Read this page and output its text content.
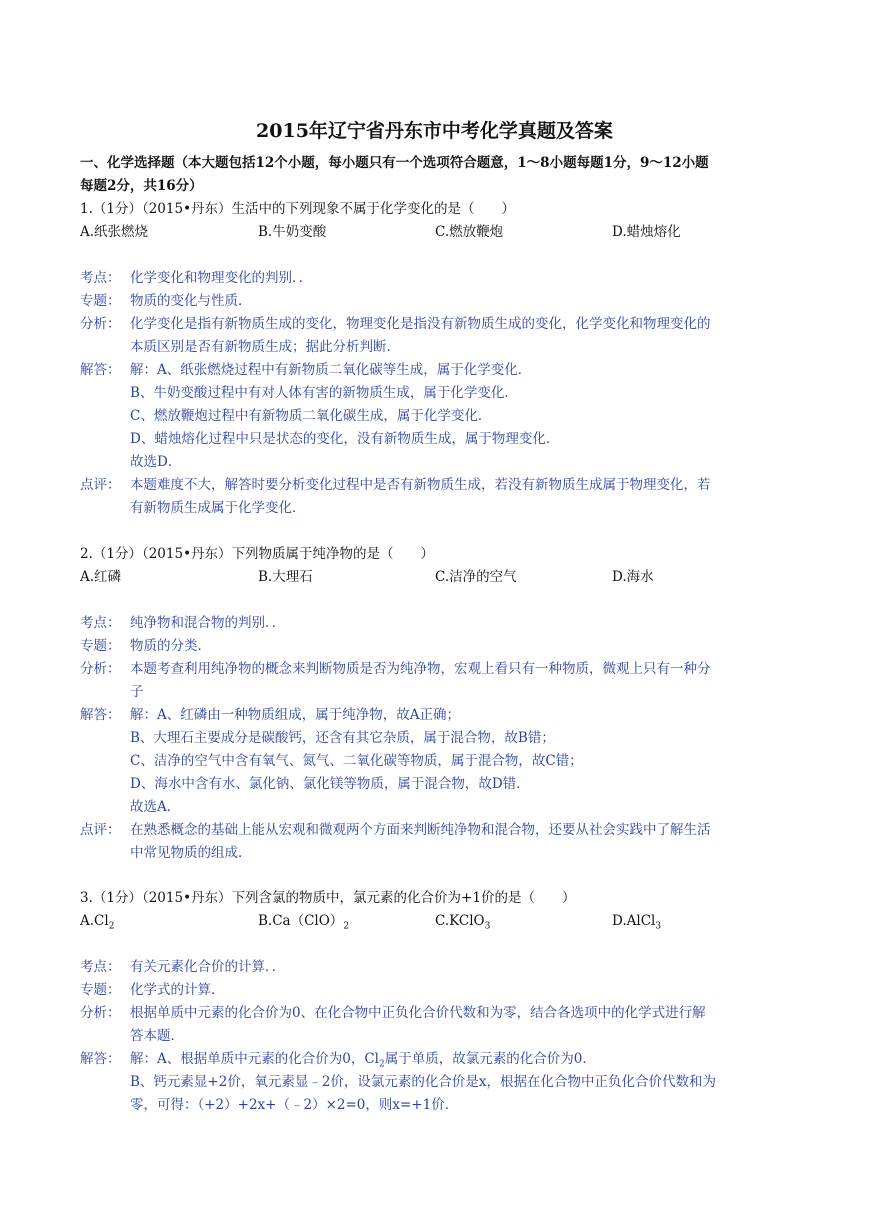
2015年辽宁省丹东市中考化学真题及答案
一、化学选择题（本大题包括12个小题，每小题只有一个选项符合题意，1～8小题每题1分，9～12小题
每题2分，共16分）
1.（1分）（2015•丹东）生活中的下列现象不属于化学变化的是（　　）
A.纸张燃烧	B.牛奶变酸	C.燃放鞭炮	D.蜡烛熔化
考点： 化学变化和物理变化的判别．．
专题： 物质的变化与性质．
分析： 化学变化是指有新物质生成的变化，物理变化是指没有新物质生成的变化，化学变化和物理变化的
本质区别是否有新物质生成；据此分析判断．
解答： 解：A、纸张燃烧过程中有新物质二氧化碳等生成，属于化学变化．
B、牛奶变酸过程中有对人体有害的新物质生成，属于化学变化．
C、燃放鞭炮过程中有新物质二氧化碳生成，属于化学变化．
D、蜡烛熔化过程中只是状态的变化，没有新物质生成，属于物理变化．
故选D．
点评： 本题难度不大，解答时要分析变化过程中是否有新物质生成，若没有新物质生成属于物理变化，若
有新物质生成属于化学变化．
2.（1分）（2015•丹东）下列物质属于纯净物的是（　　）
A.红磷	B.大理石	C.洁净的空气	D.海水
考点： 纯净物和混合物的判别．．
专题： 物质的分类．
分析： 本题考查利用纯净物的概念来判断物质是否为纯净物，宏观上看只有一种物质，微观上只有一种分
子
解答： 解：A、红磷由一种物质组成，属于纯净物，故A正确；
B、大理石主要成分是碳酸钙，还含有其它杂质，属于混合物，故B错；
C、洁净的空气中含有氧气、氮气、二氧化碳等物质，属于混合物，故C错；
D、海水中含有水、氯化钠、氯化镁等物质，属于混合物，故D错．
故选A．
点评： 在熟悉概念的基础上能从宏观和微观两个方面来判断纯净物和混合物，还要从社会实践中了解生活
中常见物质的组成．
3.（1分）（2015•丹东）下列含氯的物质中，氯元素的化合价为+1价的是（　　）
$A.Cl_2$	$B.Ca(ClO)_2$	C.KClO$_3$	D.AlCl$_3$
考点： 有关元素化合价的计算．．
专题： 化学式的计算．
分析： 根据单质中元素的化合价为0、在化合物中正负化合价代数和为零，结合各选项中的化学式进行解
答本题．
解答： 解：A、根据单质中元素的化合价为0，$Cl_2$属于单质，故氯元素的化合价为0．
B、钙元素显+2价，氧元素显﹣2价，设氯元素的化合价是x，根据在化合物中正负化合价代数和为
零，可得：（+2）+2x+（﹣2）×2=0，则x=+1价．
